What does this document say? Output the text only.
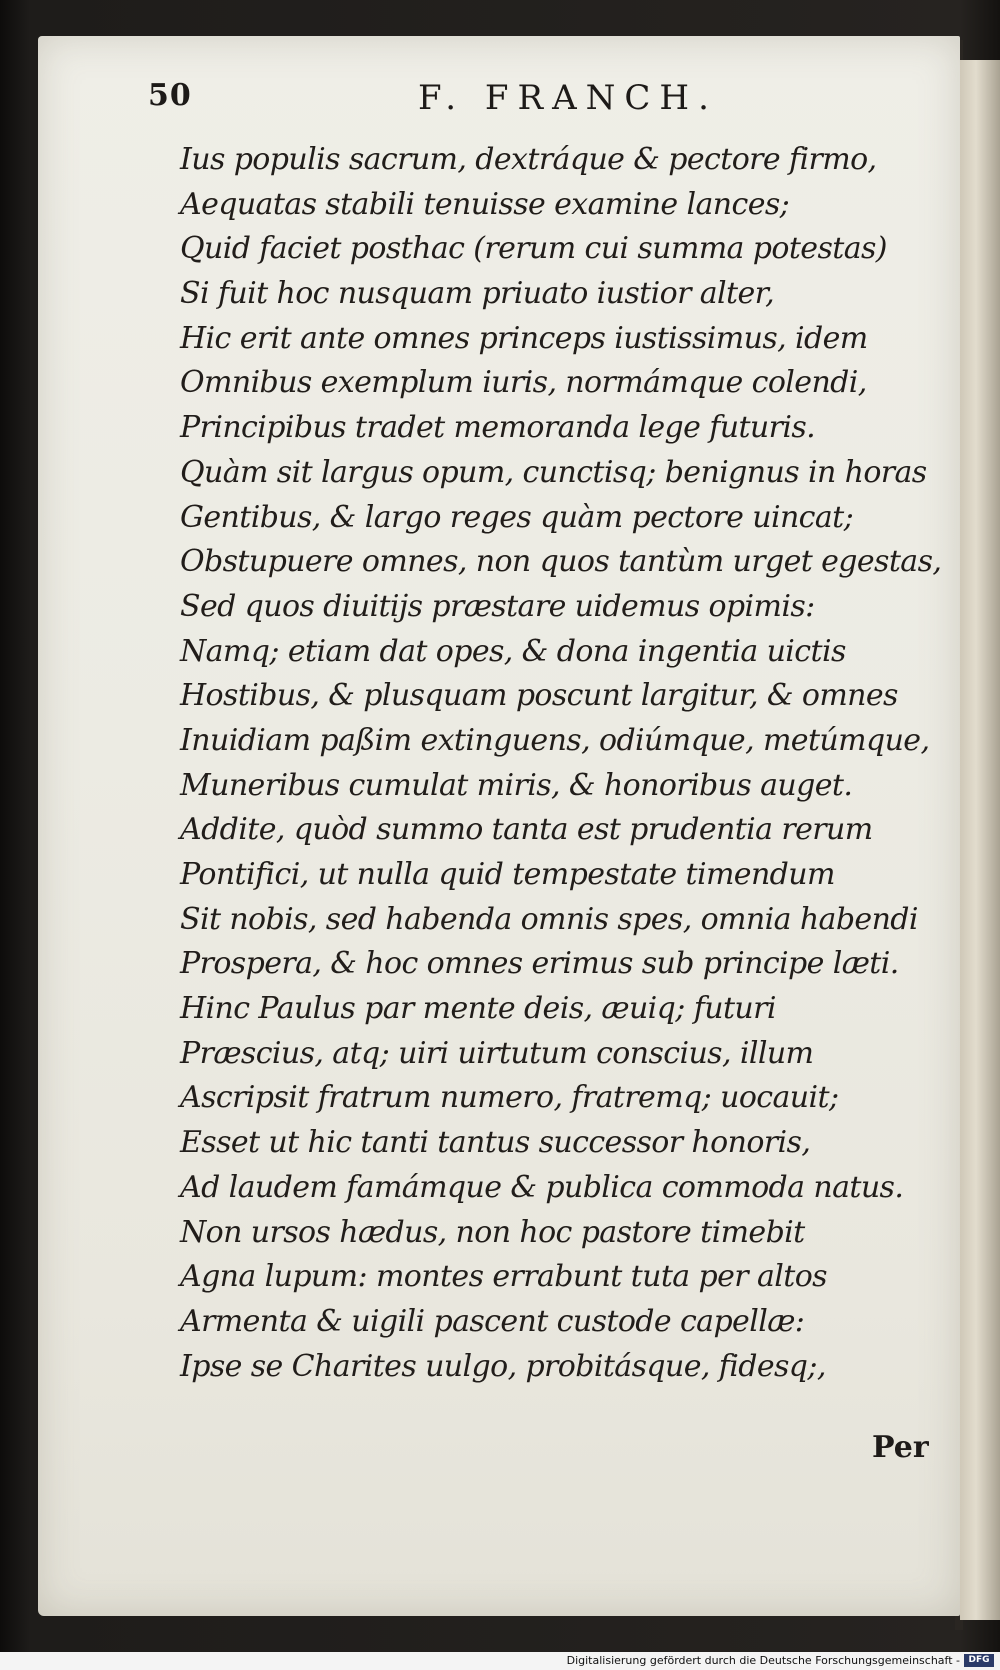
50	F. FRANCH.
Ius populis sacrum, dextráque & pectore firmo,
Aequatas stabili tenuisse examine lances;
Quid faciet posthac (rerum cui summa potestas)
Si fuit hoc nusquam priuato iustior alter,
Hic erit ante omnes princeps iustissimus, idem
Omnibus exemplum iuris, normámque colendi,
Principibus tradet memoranda lege futuris.
Quàm sit largus opum, cunctisq; benignus in horas
Gentibus, & largo reges quàm pectore uincat;
Obstupuere omnes, non quos tantùm urget egestas,
Sed quos diuitijs præstare uidemus opimis:
Namq; etiam dat opes, & dona ingentia uictis
Hostibus, & plusquam poscunt largitur, & omnes
Inuidiam paßim extinguens, odiúmque, metúmque,
Muneribus cumulat miris, & honoribus auget.
Addite, quòd summo tanta est prudentia rerum
Pontifici, ut nulla quid tempestate timendum
Sit nobis, sed habenda omnis spes, omnia habendi
Prospera, & hoc omnes erimus sub principe læti.
Hinc Paulus par mente deis, æuiq; futuri
Præscius, atq; uiri uirtutum conscius, illum
Ascripsit fratrum numero, fratremq; uocauit;
Esset ut hic tanti tantus successor honoris,
Ad laudem famámque & publica commoda natus.
Non ursos hædus, non hoc pastore timebit
Agna lupum: montes errabunt tuta per altos
Armenta & uigili pascent custode capellæ:
Ipse se Charites uulgo, probitásque, fidesq;,
Per
Digitalisierung gefördert durch die Deutsche Forschungsgemeinschaft - DFG
